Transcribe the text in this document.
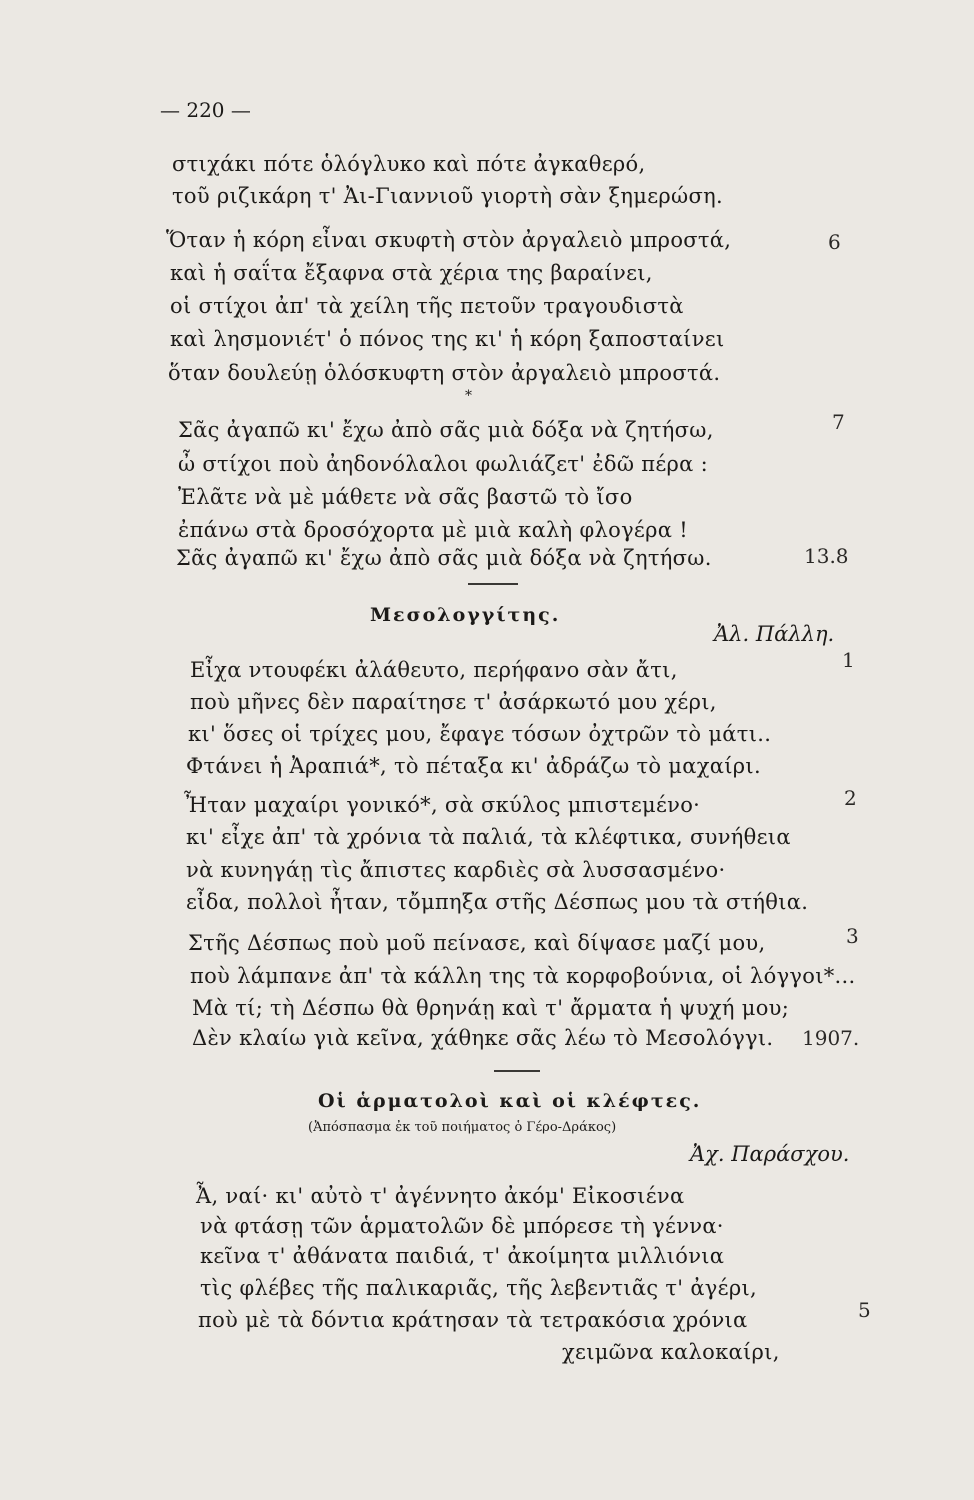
— 220 —
στιχάκι πότε ὁλόγλυκο καὶ πότε ἀγκαθερό,
τοῦ ριζικάρη τ' Ἀι-Γιαννιοῦ γιορτὴ σὰν ξημερώση.
Ὅταν ἡ κόρη εἶναι σκυφτὴ στὸν ἀργαλειὸ μπροστά,
καὶ ἡ σαΐτα ἔξαφνα στὰ χέρια της βαραίνει,
οἱ στίχοι ἀπ' τὰ χείλη τῆς πετοῦν τραγουδιστὰ
καὶ λησμονιέτ' ὁ πόνος της κι' ἡ κόρη ξαποσταίνει
ὅταν δουλεύῃ ὁλόσκυφτη στὸν ἀργαλειὸ μπροστά.
6
*
Σᾶς ἀγαπῶ κι' ἔχω ἀπὸ σᾶς μιὰ δόξα νὰ ζητήσω,
ὦ στίχοι ποὺ ἀηδονόλαλοι φωλιάζετ' ἐδῶ πέρα :
Ἐλᾶτε νὰ μὲ μάθετε νὰ σᾶς βαστῶ τὸ ἴσο
ἐπάνω στὰ δροσόχορτα μὲ μιὰ καλὴ φλογέρα !
Σᾶς ἀγαπῶ κι' ἔχω ἀπὸ σᾶς μιὰ δόξα νὰ ζητήσω.
7
13.8
Μεσολογγίτης.
Ἀλ. Πάλλη.
Εἶχα ντουφέκι ἀλάθευτο, περήφανο σὰν ἄτι,
ποὺ μῆνες δὲν παραίτησε τ' ἀσάρκωτό μου χέρι,
κι' ὅσες οἱ τρίχες μου, ἔφαγε τόσων ὀχτρῶν τὸ μάτι..
Φτάνει ἡ Ἀραπιά*, τὸ πέταξα κι' ἀδράζω τὸ μαχαίρι.
1
Ἦταν μαχαίρι γονικό*, σὰ σκύλος μπιστεμένο·
κι' εἶχε ἀπ' τὰ χρόνια τὰ παλιά, τὰ κλέφτικα, συνήθεια
νὰ κυνηγάῃ τὶς ἄπιστες καρδιὲς σὰ λυσσασμένο·
εἶδα, πολλοὶ ἦταν, τὄμπηξα στῆς Δέσπως μου τὰ στήθια.
2
Στῆς Δέσπως ποὺ μοῦ πείνασε, καὶ δίψασε μαζί μου,
ποὺ λάμπανε ἀπ' τὰ κάλλη της τὰ κορφοβούνια, οἱ λόγγοι*...
Μὰ τί; τὴ Δέσπω θὰ θρηνάῃ καὶ τ' ἄρματα ἡ ψυχή μου;
Δὲν κλαίω γιὰ κεῖνα, χάθηκε σᾶς λέω τὸ Μεσολόγγι.
3
1907.
Οἱ ἁρματολοὶ καὶ οἱ κλέφτες.
(Ἀπόσπασμα ἐκ τοῦ ποιήματος ὁ Γέρο-Δράκος)
Ἀχ. Παράσχου.
Ἆ, ναί· κι' αὐτὸ τ' ἀγέννητο ἀκόμ' Εἰκοσιένα
νὰ φτάσῃ τῶν ἁρματολῶν δὲ μπόρεσε τὴ γέννα·
κεῖνα τ' ἀθάνατα παιδιά, τ' ἀκοίμητα μιλλιόνια
τὶς φλέβες τῆς παλικαριᾶς, τῆς λεβεντιᾶς τ' ἀγέρι,
ποὺ μὲ τὰ δόντια κράτησαν τὰ τετρακόσια χρόνια
χειμῶνα καλοκαίρι,
5
